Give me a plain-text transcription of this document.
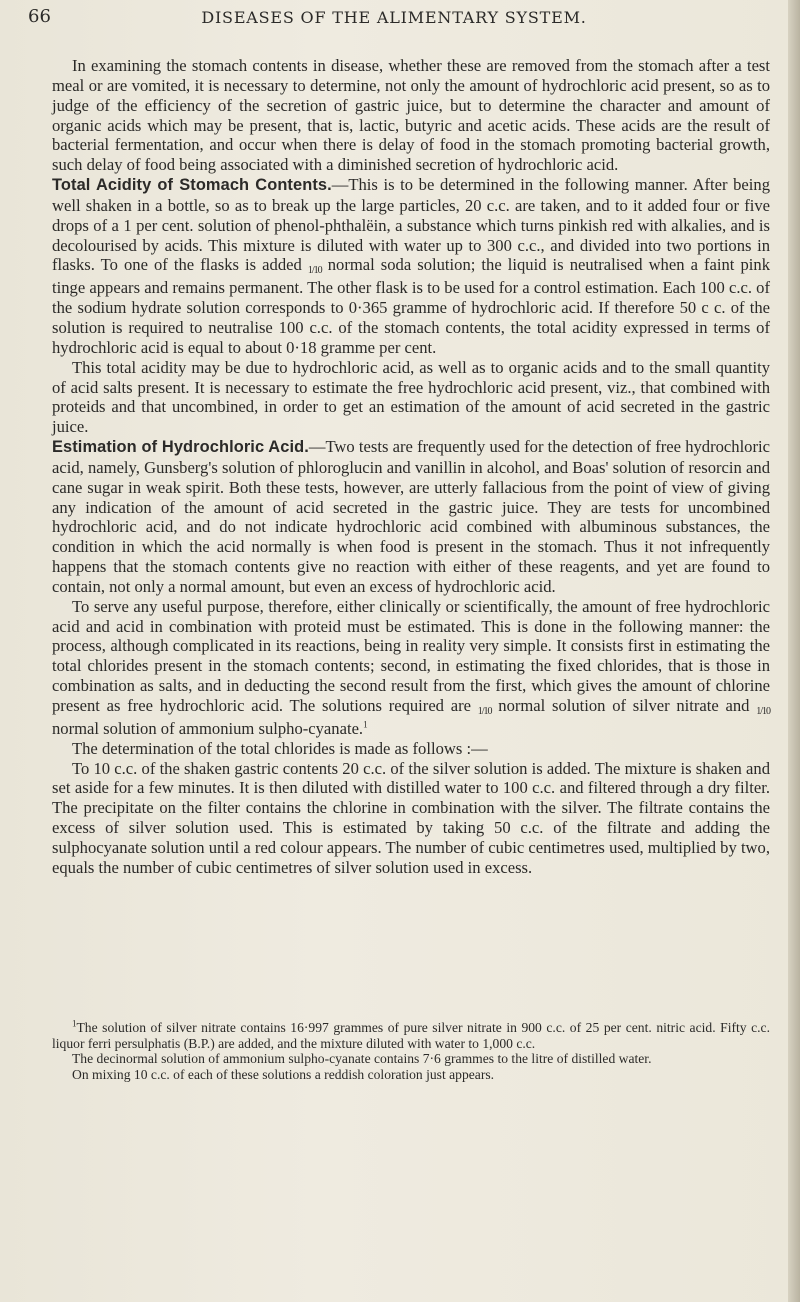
66	DISEASES OF THE ALIMENTARY SYSTEM.

In examining the stomach contents in disease, whether these are removed from the stomach after a test meal or are vomited, it is necessary to determine, not only the amount of hydrochloric acid present, so as to judge of the efficiency of the secretion of gastric juice, but to determine the character and amount of organic acids which may be present, that is, lactic, butyric and acetic acids. These acids are the result of bacterial fermentation, and occur when there is delay of food in the stomach promoting bacterial growth, such delay of food being associated with a diminished secretion of hydrochloric acid.

Total Acidity of Stomach Contents.—This is to be determined in the following manner. After being well shaken in a bottle, so as to break up the large particles, 20 c.c. are taken, and to it added four or five drops of a 1 per cent. solution of phenol-phthalëin, a substance which turns pinkish red with alkalies, and is decolourised by acids. This mixture is diluted with water up to 300 c.c., and divided into two portions in flasks. To one of the flasks is added 1/10 normal soda solution; the liquid is neutralised when a faint pink tinge appears and remains permanent. The other flask is to be used for a control estimation. Each 100 c.c. of the sodium hydrate solution corresponds to 0·365 gramme of hydrochloric acid. If therefore 50 c c. of the solution is required to neutralise 100 c.c. of the stomach contents, the total acidity expressed in terms of hydrochloric acid is equal to about 0·18 gramme per cent.

This total acidity may be due to hydrochloric acid, as well as to organic acids and to the small quantity of acid salts present. It is necessary to estimate the free hydrochloric acid present, viz., that combined with proteids and that uncombined, in order to get an estimation of the amount of acid secreted in the gastric juice.

Estimation of Hydrochloric Acid.—Two tests are frequently used for the detection of free hydrochloric acid, namely, Gunsberg's solution of phloroglucin and vanillin in alcohol, and Boas' solution of resorcin and cane sugar in weak spirit. Both these tests, however, are utterly fallacious from the point of view of giving any indication of the amount of acid secreted in the gastric juice. They are tests for uncombined hydrochloric acid, and do not indicate hydrochloric acid combined with albuminous substances, the condition in which the acid normally is when food is present in the stomach. Thus it not infrequently happens that the stomach contents give no reaction with either of these reagents, and yet are found to contain, not only a normal amount, but even an excess of hydrochloric acid.

To serve any useful purpose, therefore, either clinically or scientifically, the amount of free hydrochloric acid and acid in combination with proteid must be estimated. This is done in the following manner: the process, although complicated in its reactions, being in reality very simple. It consists first in estimating the total chlorides present in the stomach contents; second, in estimating the fixed chlorides, that is those in combination as salts, and in deducting the second result from the first, which gives the amount of chlorine present as free hydrochloric acid. The solutions required are 1/10 normal solution of silver nitrate and 1/10 normal solution of ammonium sulpho-cyanate.$^1$

The determination of the total chlorides is made as follows :—

To 10 c.c. of the shaken gastric contents 20 c.c. of the silver solution is added. The mixture is shaken and set aside for a few minutes. It is then diluted with distilled water to 100 c.c. and filtered through a dry filter. The precipitate on the filter contains the chlorine in combination with the silver. The filtrate contains the excess of silver solution used. This is estimated by taking 50 c.c. of the filtrate and adding the sulphocyanate solution until a red colour appears. The number of cubic centimetres used, multiplied by two, equals the number of cubic centimetres of silver solution used in excess.

$^1$The solution of silver nitrate contains 16·997 grammes of pure silver nitrate in 900 c.c. of 25 per cent. nitric acid. Fifty c.c. liquor ferri persulphatis (B.P.) are added, and the mixture diluted with water to 1,000 c.c.

The decinormal solution of ammonium sulpho-cyanate contains 7·6 grammes to the litre of distilled water.

On mixing 10 c.c. of each of these solutions a reddish coloration just appears.
